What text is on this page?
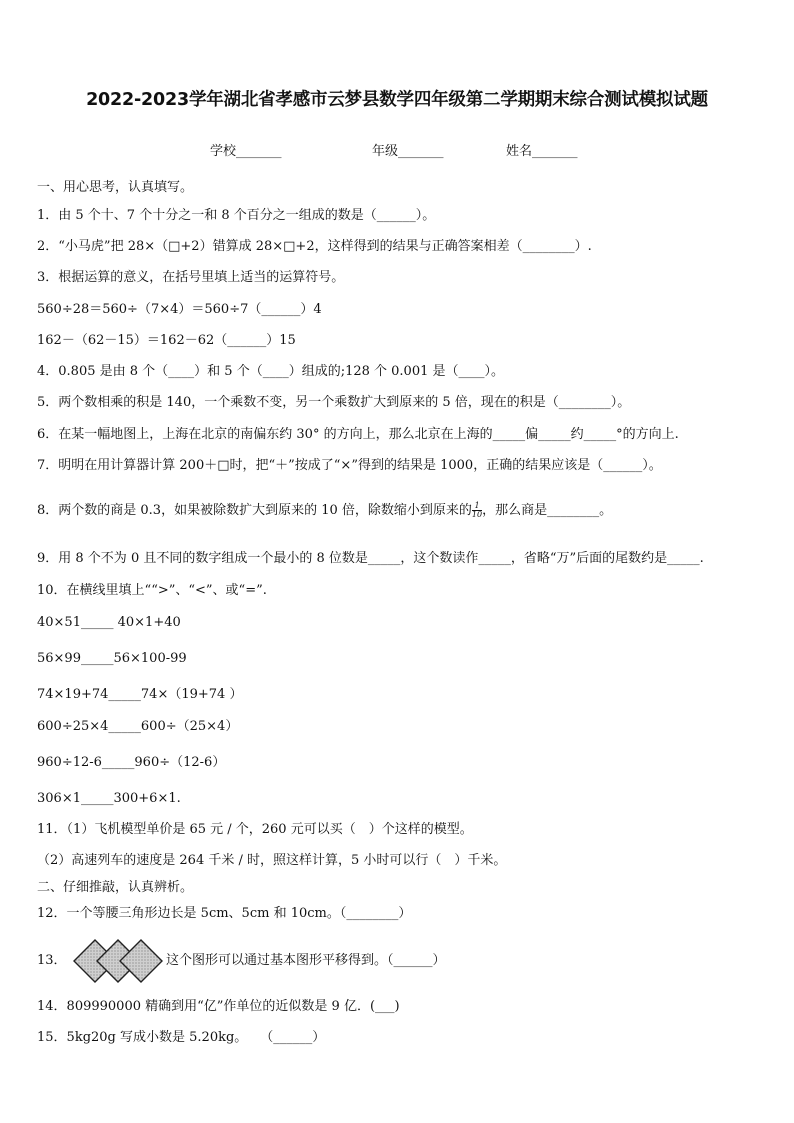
2022-2023学年湖北省孝感市云梦县数学四年级第二学期期末综合测试模拟试题
学校_______	年级_______	姓名_______
一、用心思考，认真填写。
1．由 5 个十、7 个十分之一和 8 个百分之一组成的数是（______）。
2．“小马虎”把 28×（□+2）错算成 28×□+2，这样得到的结果与正确答案相差（________）.
3．根据运算的意义，在括号里填上适当的运算符号。
560÷28＝560÷（7×4）＝560÷7（______）4
162－（62－15）＝162－62（______）15
4．0.805 是由 8 个（____）和 5 个（____）组成的;128 个 0.001 是（____）。
5．两个数相乘的积是 140，一个乘数不变，另一个乘数扩大到原来的 5 倍，现在的积是（________）。
6．在某一幅地图上，上海在北京的南偏东约 30° 的方向上，那么北京在上海的_____偏_____约_____°的方向上.
7．明明在用计算器计算 200＋□时，把“＋”按成了“×”得到的结果是 1000，正确的结果应该是（______）。
8．两个数的商是 0.3，如果被除数扩大到原来的 10 倍，除数缩小到原来的 $\frac{1}{10}$ ，那么商是________。
9．用 8 个不为 0 且不同的数字组成一个最小的 8 位数是_____，这个数读作_____，省略“万”后面的尾数约是_____.
10．在横线里填上““>”、“<”、或“=”.
40×51_____ 40×1+40
56×99_____56×100-99
74×19+74_____74×（19+74 ）
600÷25×4_____600÷（25×4）
960÷12-6_____960÷（12-6）
306×1_____300+6×1.
11．（1）飞机模型单价是 65 元 / 个，260 元可以买（　）个这样的模型。
（2）高速列车的速度是 264 千米 / 时，照这样计算，5 小时可以行（　）千米。
二、仔细推敲，认真辨析。
12．一个等腰三角形边长是 5cm、5cm 和 10cm。（________）
13．	这个图形可以通过基本图形平移得到。（______）
14．809990000 精确到用“亿”作单位的近似数是 9 亿．(___)
15．5kg20g 写成小数是 5.20kg。　　（______）
